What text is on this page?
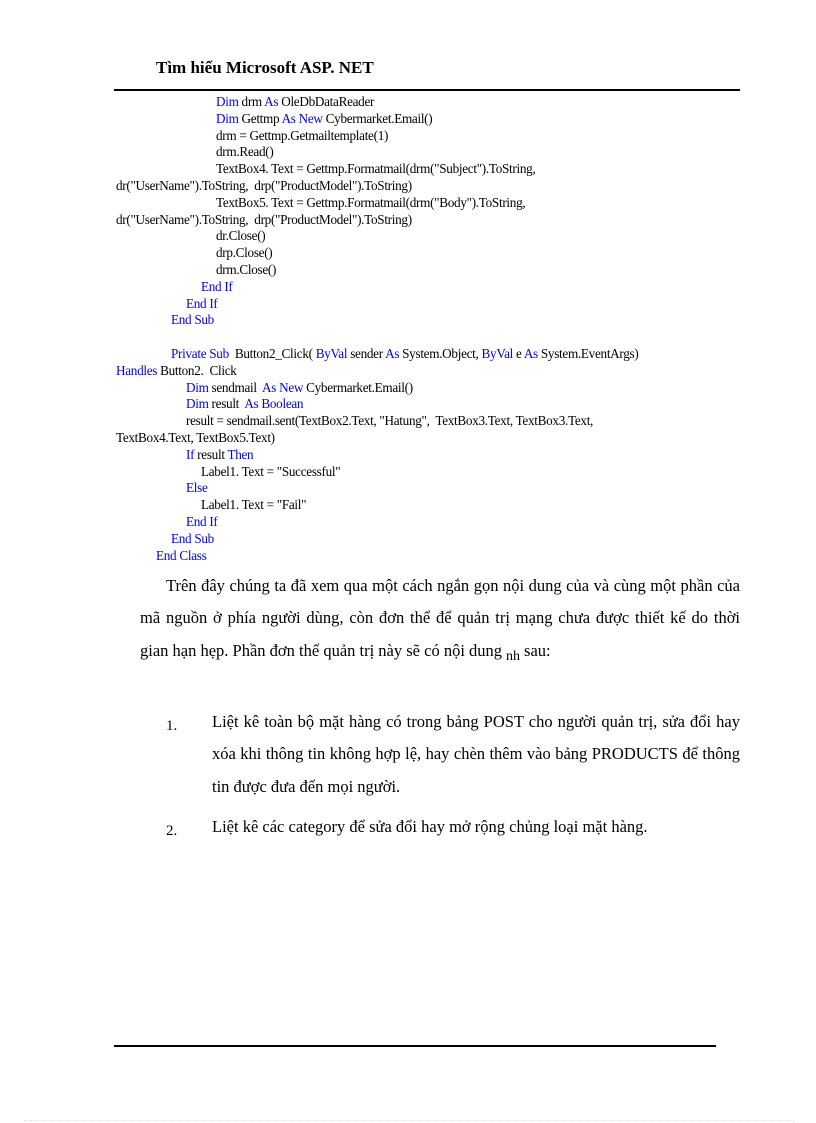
Tìm hiểu Microsoft ASP. NET
Dim drm As OleDbDataReader
Dim Gettmp As New Cybermarket.Email()
drm = Gettmp.Getmailtemplate(1)
drm.Read()
TextBox4. Text = Gettmp.Formatmail(drm("Subject").ToString,
dr("UserName").ToString,  drp("ProductModel").ToString)
TextBox5. Text = Gettmp.Formatmail(drm("Body").ToString,
dr("UserName").ToString,  drp("ProductModel").ToString)
dr.Close()
drp.Close()
drm.Close()
End If
End If
End Sub
Private Sub  Button2_Click( ByVal sender As System.Object, ByVal e As System.EventArgs)
Handles Button2.  Click
Dim sendmail  As New Cybermarket.Email()
Dim result  As Boolean
result = sendmail.sent(TextBox2.Text, "Hatung",  TextBox3.Text, TextBox3.Text,
TextBox4.Text, TextBox5.Text)
If result Then
Label1. Text = "Successful"
Else
Label1. Text = "Fail"
End If
End Sub
End Class
Trên đây chúng ta đã xem qua một cách ngắn gọn nội dung của và cùng một phần của mã nguồn ở phía người dùng, còn đơn thể để quản trị mạng chưa được thiết kế do thời gian hạn hẹp. Phần đơn thể quản trị này sẽ có nội dung $_{nh}$ sau:
1. Liệt kê toàn bộ mặt hàng có trong bảng POST cho người quản trị, sửa đổi hay xóa khi thông tin không hợp lệ, hay chèn thêm vào bảng PRODUCTS để thông tin được đưa đến mọi người.
2. Liệt kê các category để sửa đổi hay mở rộng chủng loại mặt hàng.
